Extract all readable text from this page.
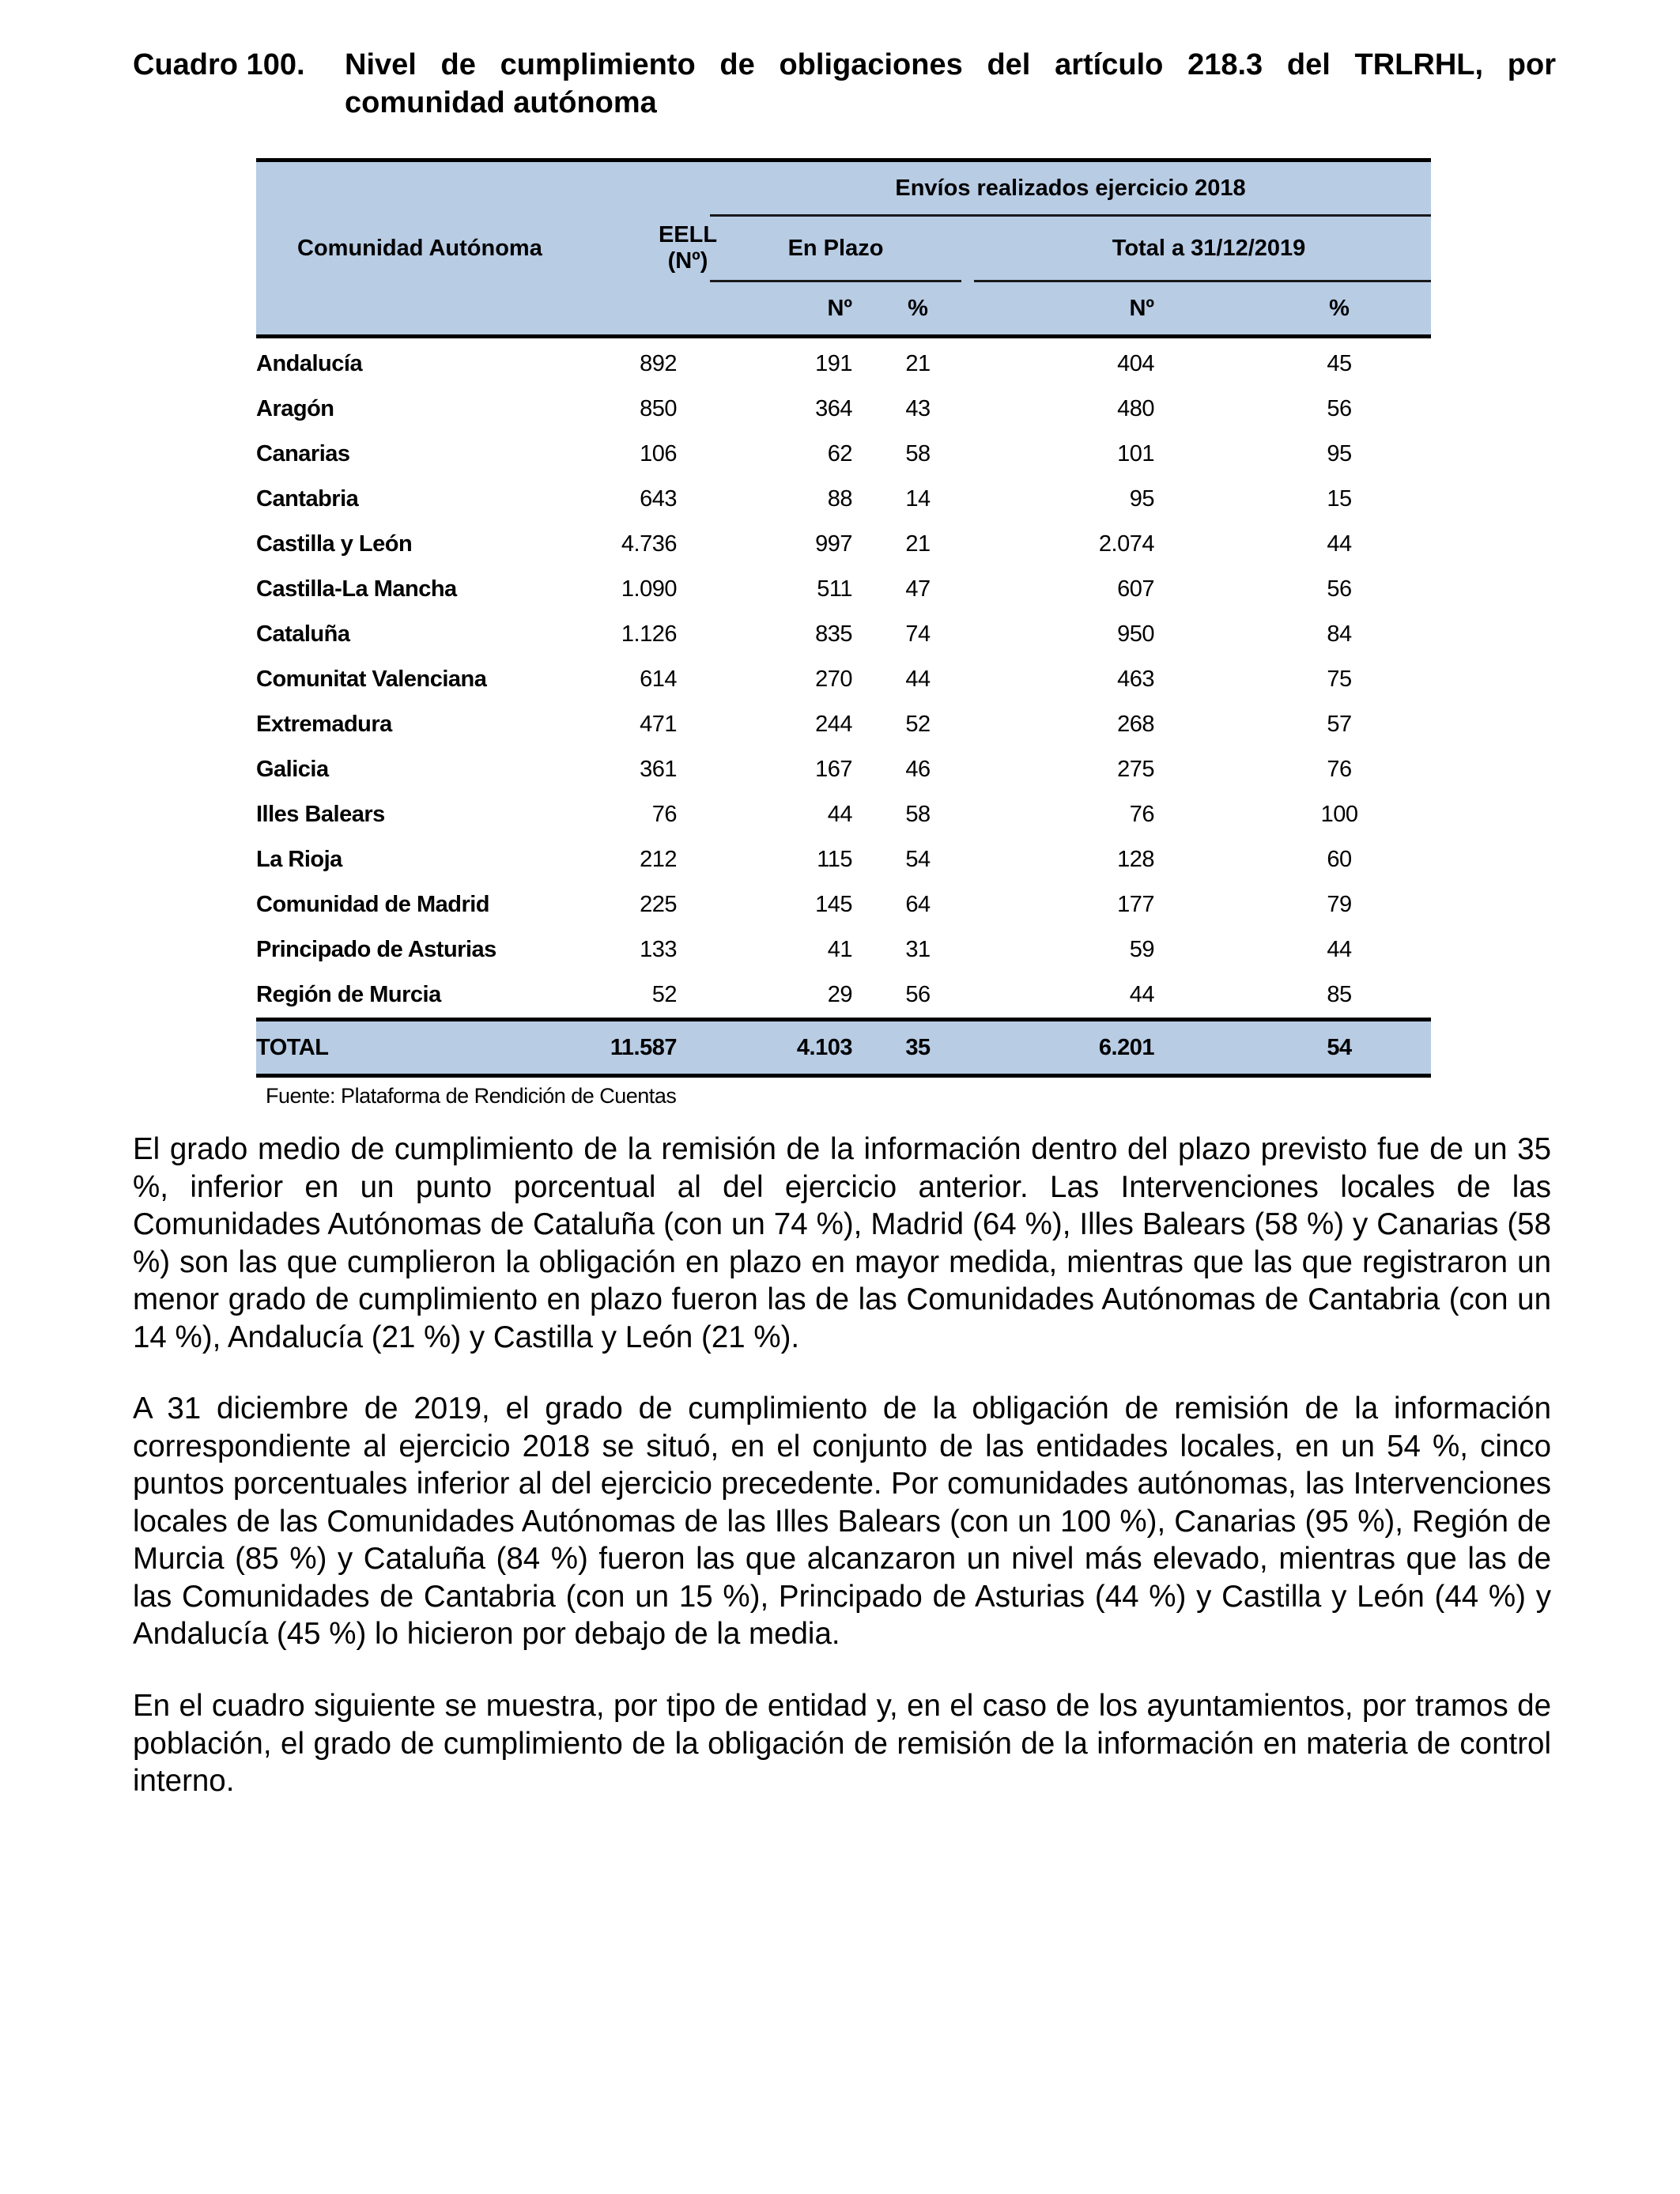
Cuadro 100.	Nivel de cumplimiento de obligaciones del artículo 218.3 del TRLRHL, por comunidad autónoma
Comunidad Autónoma	EELL
(Nº)		Envíos realizados ejercicio 2018					
			En Plazo				Total a 31/12/2019	
			Nº	%			Nº	%
Andalucía	892		191	21			404	45
Aragón	850		364	43			480	56
Canarias	106		62	58			101	95
Cantabria	643		88	14			95	15
Castilla y León	4.736		997	21			2.074	44
Castilla-La Mancha	1.090		511	47			607	56
Cataluña	1.126		835	74			950	84
Comunitat Valenciana	614		270	44			463	75
Extremadura	471		244	52			268	57
Galicia	361		167	46			275	76
Illes Balears	76		44	58			76	100
La Rioja	212		115	54			128	60
Comunidad de Madrid	225		145	64			177	79
Principado de Asturias	133		41	31			59	44
Región de Murcia	52		29	56			44	85
TOTAL	11.587		4.103	35			6.201	54
Fuente: Plataforma de Rendición de Cuentas
El grado medio de cumplimiento de la remisión de la información dentro del plazo previsto fue de un 35 %, inferior en un punto porcentual al del ejercicio anterior. Las Intervenciones locales de las Comunidades Autónomas de Cataluña (con un 74 %), Madrid (64 %), Illes Balears (58 %) y Canarias (58 %) son las que cumplieron la obligación en plazo en mayor medida, mientras que las que registraron un menor grado de cumplimiento en plazo fueron las de las Comunidades Autónomas de Cantabria (con un 14 %), Andalucía (21 %) y Castilla y León (21 %).
A 31 diciembre de 2019, el grado de cumplimiento de la obligación de remisión de la información correspondiente al ejercicio 2018 se situó, en el conjunto de las entidades locales, en un 54 %, cinco puntos porcentuales inferior al del ejercicio precedente. Por comunidades autónomas, las Intervenciones locales de las Comunidades Autónomas de las Illes Balears (con un 100 %), Canarias (95 %), Región de Murcia (85 %) y Cataluña (84 %) fueron las que alcanzaron un nivel más elevado, mientras que las de las Comunidades de Cantabria (con un 15 %), Principado de Asturias (44 %) y Castilla y León (44 %) y Andalucía (45 %) lo hicieron por debajo de la media.
En el cuadro siguiente se muestra, por tipo de entidad y, en el caso de los ayuntamientos, por tramos de población, el grado de cumplimiento de la obligación de remisión de la información en materia de control interno.
